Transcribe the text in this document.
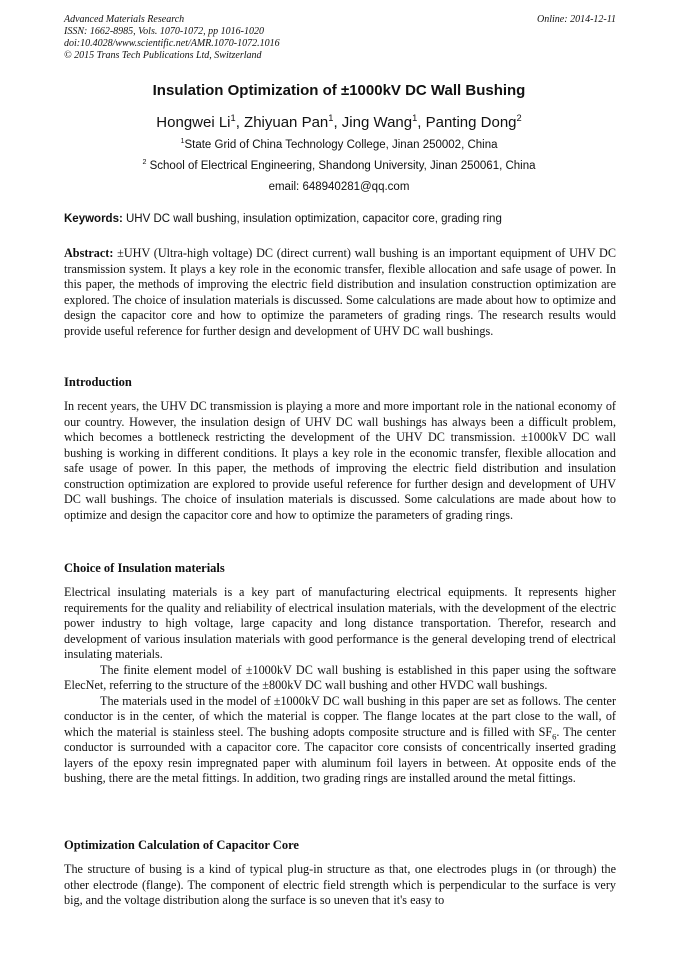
Advanced Materials Research
ISSN: 1662-8985, Vols. 1070-1072, pp 1016-1020
doi:10.4028/www.scientific.net/AMR.1070-1072.1016
© 2015 Trans Tech Publications Ltd, Switzerland
Online: 2014-12-11
Insulation Optimization of ±1000kV DC Wall Bushing
Hongwei Li$^1$, Zhiyuan Pan$^1$, Jing Wang$^1$, Panting Dong$^2$
$^1$State Grid of China Technology College, Jinan 250002, China
$^2$ School of Electrical Engineering, Shandong University, Jinan 250061, China
email: 648940281@qq.com
Keywords: UHV DC wall bushing, insulation optimization, capacitor core, grading ring

Abstract: ±UHV (Ultra-high voltage) DC (direct current) wall bushing is an important equipment of UHV DC transmission system. It plays a key role in the economic transfer, flexible allocation and safe usage of power. In this paper, the methods of improving the electric field distribution and insulation construction optimization are explored. The choice of insulation materials is discussed. Some calculations are made about how to optimize and design the capacitor core and how to optimize the parameters of grading rings. The research results would provide useful reference for further design and development of UHV DC wall bushings.

Introduction

In recent years, the UHV DC transmission is playing a more and more important role in the national economy of our country. However, the insulation design of UHV DC wall bushings has always been a difficult problem, which becomes a bottleneck restricting the development of the UHV DC transmission. ±1000kV DC wall bushing is working in different conditions. It plays a key role in the economic transfer, flexible allocation and safe usage of power. In this paper, the methods of improving the electric field distribution and insulation construction optimization are explored to provide useful reference for further design and development of UHV DC wall bushings. The choice of insulation materials is discussed. Some calculations are made about how to optimize and design the capacitor core and how to optimize the parameters of grading rings.

Choice of Insulation materials

Electrical insulating materials is a key part of manufacturing electrical equipments. It represents higher requirements for the quality and reliability of electrical insulation materials, with the development of the electric power industry to high voltage, large capacity and long distance transportation. Therefor, research and development of various insulation materials with good performance is the general developing trend of electrical insulating materials.

The finite element model of ±1000kV DC wall bushing is established in this paper using the software ElecNet, referring to the structure of the ±800kV DC wall bushing and other HVDC wall bushings.

The materials used in the model of ±1000kV DC wall bushing in this paper are set as follows. The center conductor is in the center, of which the material is copper. The flange locates at the part close to the wall, of which the material is stainless steel. The bushing adopts composite structure and is filled with $SF_6$. The center conductor is surrounded with a capacitor core. The capacitor core consists of concentrically inserted grading layers of the epoxy resin impregnated paper with aluminum foil layers in between. At opposite ends of the bushing, there are the metal fittings. In addition, two grading rings are installed around the metal fittings.

Optimization Calculation of Capacitor Core

The structure of busing is a kind of typical plug-in structure as that, one electrodes plugs in (or through) the other electrode (flange). The component of electric field strength which is perpendicular to the surface is very big, and the voltage distribution along the surface is so uneven that it's easy to
